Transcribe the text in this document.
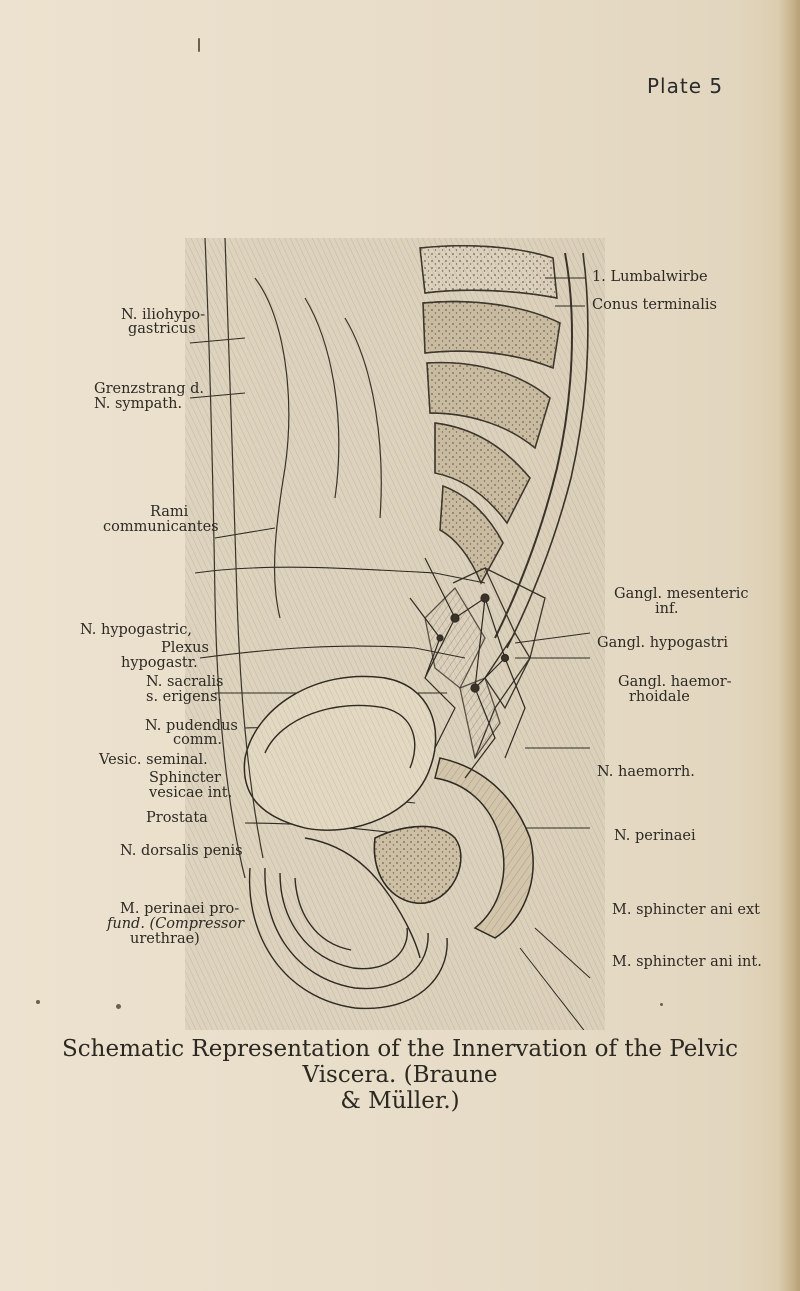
Plate 5
N. iliohypo-
gastricus
Grenzstrang d.
N. sympath.
Rami
communicantes
N. hypogastric,
Plexus
hypogastr.
N. sacralis
s. erigens.
N. pudendus
comm.
Vesic. seminal.
Sphincter
vesicae int.
Prostata
N. dorsalis penis
M. perinaei pro-
fund. (Compressor
urethrae)
1. Lumbalwirbe
Conus terminalis
Gangl. mesenteric
inf.
Gangl. hypogastri
Gangl. haemor-
rhoidale
N. haemorrh.
N. perinaei
M. sphincter ani ext
M. sphincter ani int.
Schematic Representation of the Innervation of the Pelvic Viscera. (Braune
& Müller.)
